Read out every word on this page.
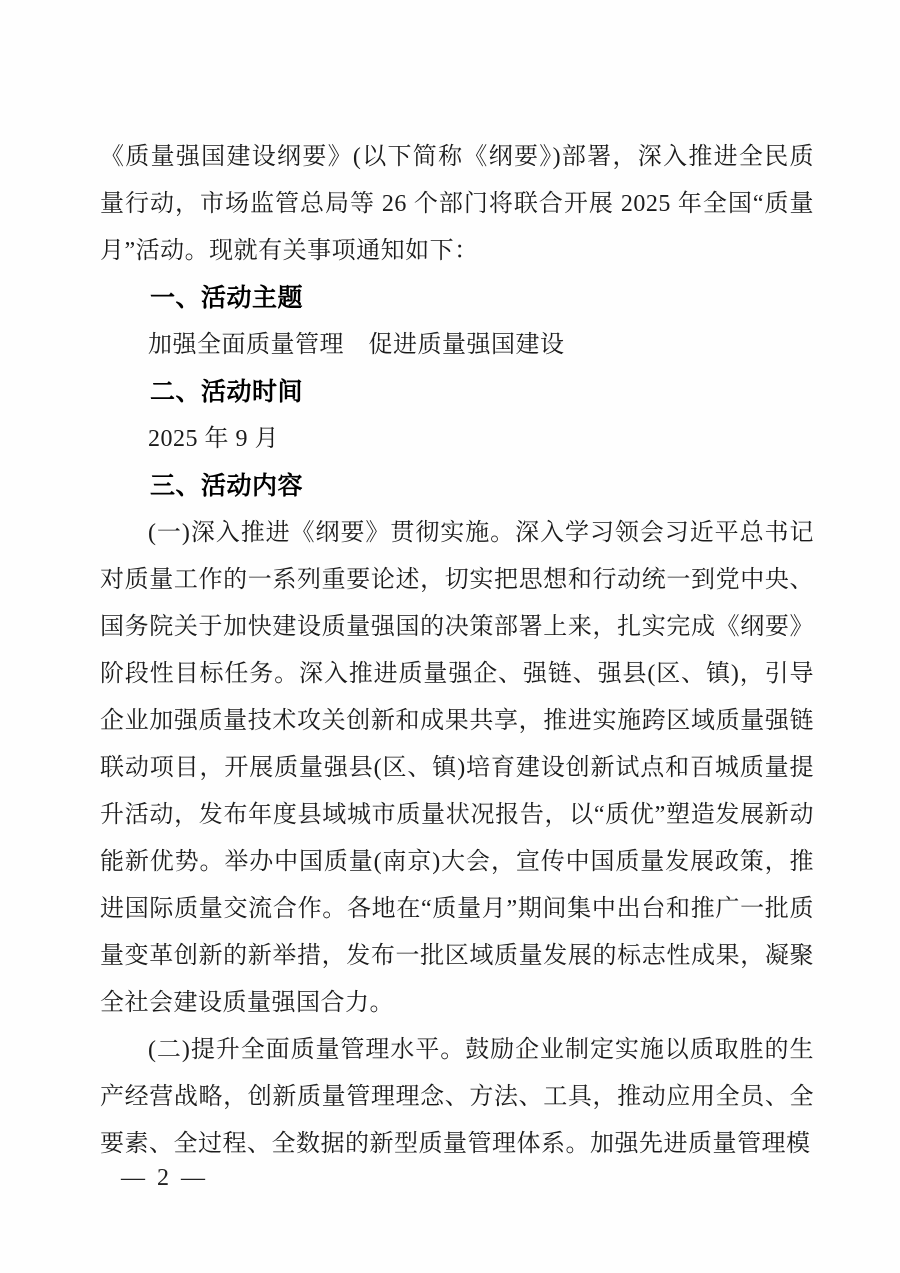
《质量强国建设纲要》(以下简称《纲要》)部署，深入推进全民质量行动，市场监管总局等 26 个部门将联合开展 2025 年全国“质量月”活动。现就有关事项通知如下：

一、活动主题

加强全面质量管理　促进质量强国建设

二、活动时间

2025 年 9 月

三、活动内容

(一)深入推进《纲要》贯彻实施。深入学习领会习近平总书记对质量工作的一系列重要论述，切实把思想和行动统一到党中央、国务院关于加快建设质量强国的决策部署上来，扎实完成《纲要》阶段性目标任务。深入推进质量强企、强链、强县(区、镇)，引导企业加强质量技术攻关创新和成果共享，推进实施跨区域质量强链联动项目，开展质量强县(区、镇)培育建设创新试点和百城质量提升活动，发布年度县域城市质量状况报告，以“质优”塑造发展新动能新优势。举办中国质量(南京)大会，宣传中国质量发展政策，推进国际质量交流合作。各地在“质量月”期间集中出台和推广一批质量变革创新的新举措，发布一批区域质量发展的标志性成果，凝聚全社会建设质量强国合力。

(二)提升全面质量管理水平。鼓励企业制定实施以质取胜的生产经营战略，创新质量管理理念、方法、工具，推动应用全员、全要素、全过程、全数据的新型质量管理体系。加强先进质量管理模

— 2 —
